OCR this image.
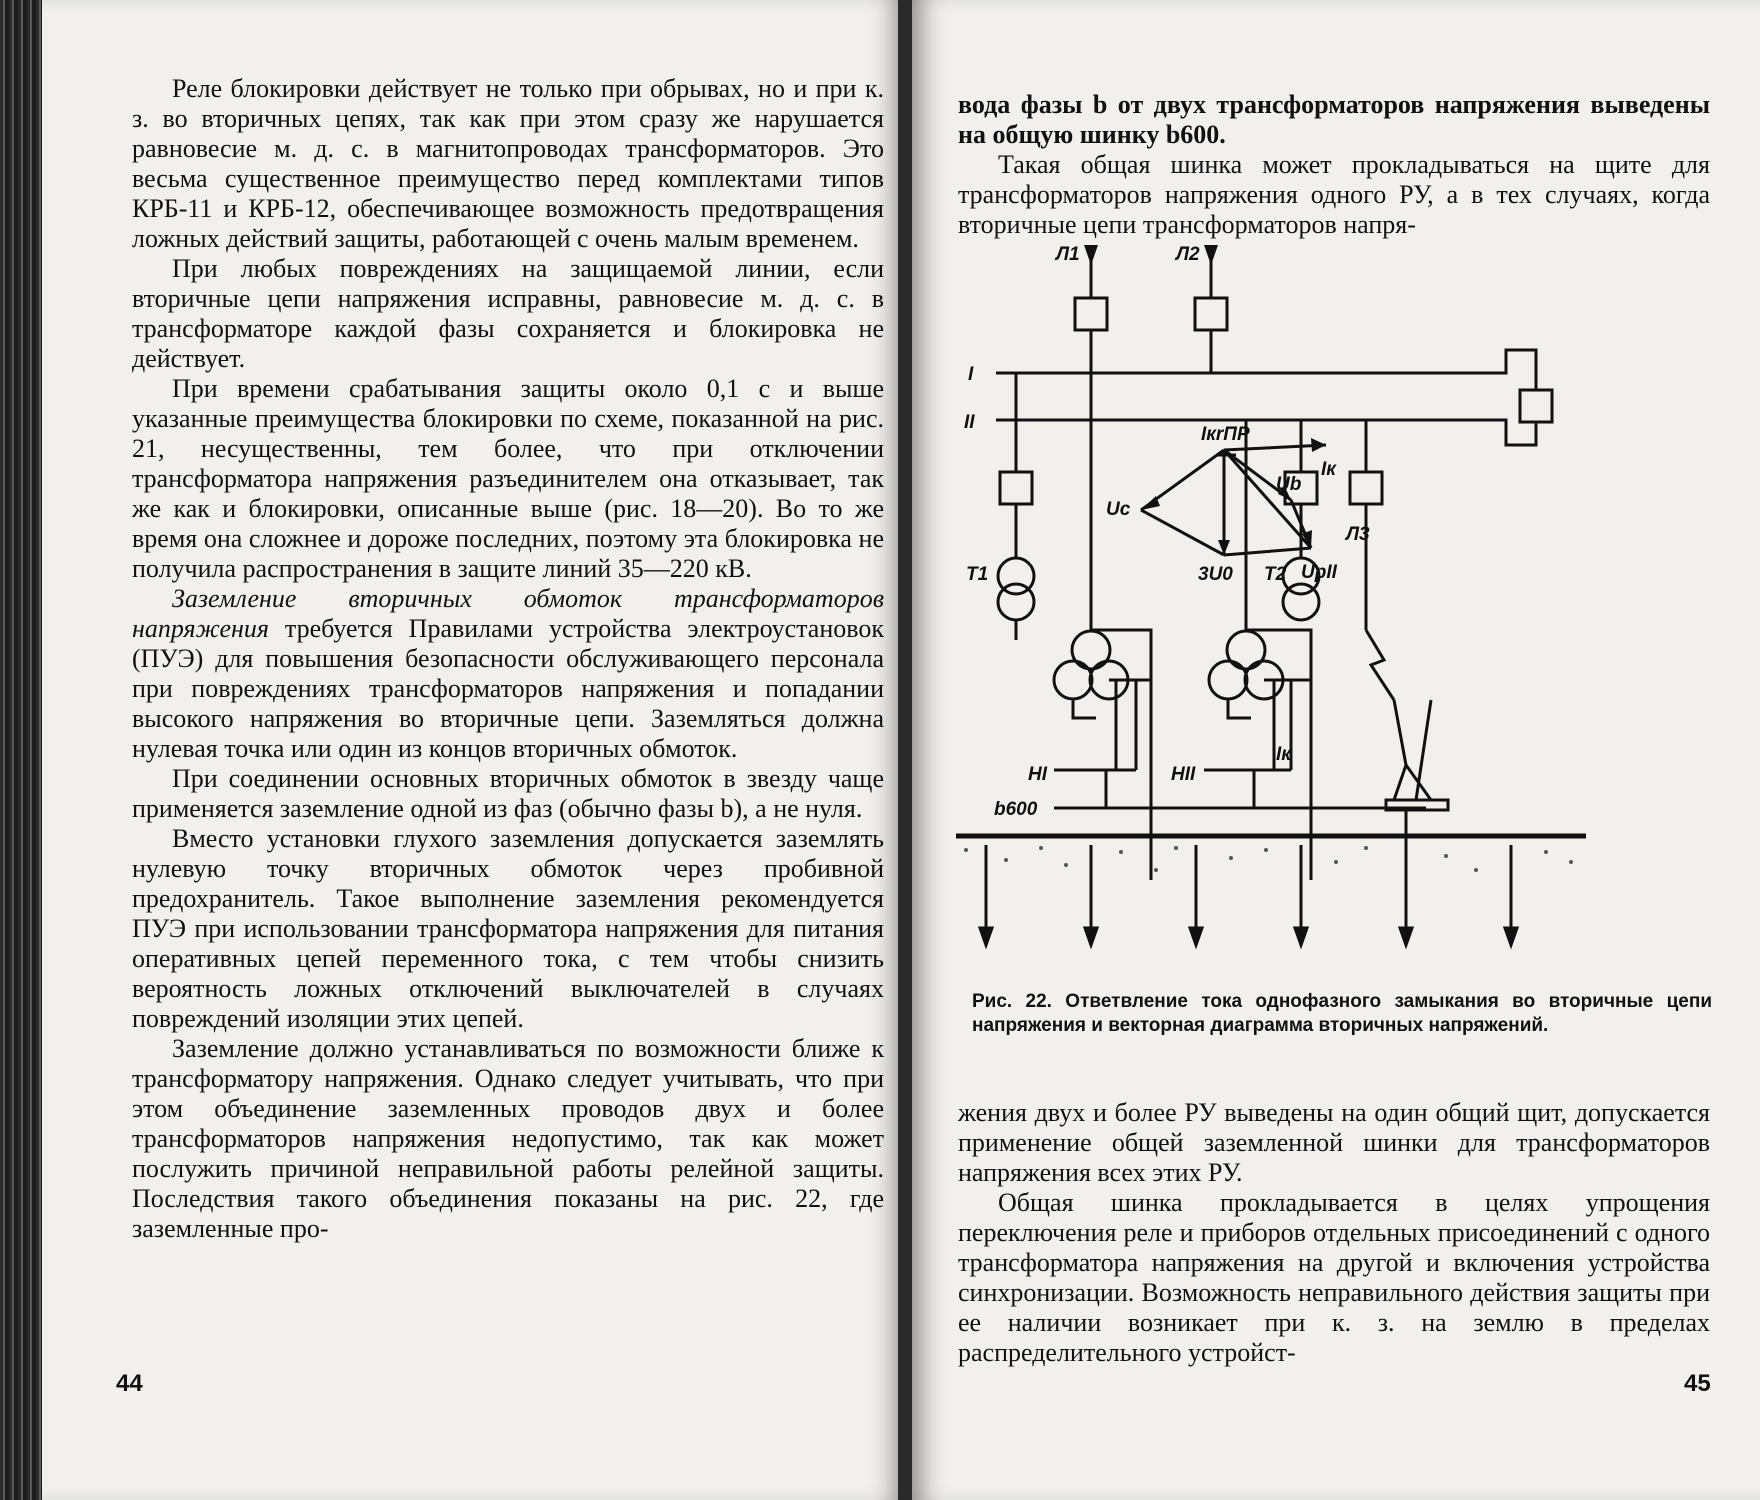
Реле блокировки действует не только при обрывах, но и при к. з. во вторичных цепях, так как при этом сразу же нарушается равновесие м. д. с. в магнитопроводах трансформаторов. Это весьма существенное преимущество перед комплектами типов КРБ-11 и КРБ-12, обеспечивающее возможность предотвращения ложных действий защиты, работающей с очень малым временем.

При любых повреждениях на защищаемой линии, если вторичные цепи напряжения исправны, равновесие м. д. с. в трансформаторе каждой фазы сохраняется и блокировка не действует.

При времени срабатывания защиты около 0,1 с и выше указанные преимущества блокировки по схеме, показанной на рис. 21, несущественны, тем более, что при отключении трансформатора напряжения разъединителем она отказывает, так же как и блокировки, описанные выше (рис. 18—20). Во то же время она сложнее и дороже последних, поэтому эта блокировка не получила распространения в защите линий 35—220 кВ.

Заземление вторичных обмоток трансформаторов напряжения требуется Правилами устройства электроустановок (ПУЭ) для повышения безопасности обслуживающего персонала при повреждениях трансформаторов напряжения и попадании высокого напряжения во вторичные цепи. Заземляться должна нулевая точка или один из концов вторичных обмоток.

При соединении основных вторичных обмоток в звезду чаще применяется заземление одной из фаз (обычно фазы b), а не нуля.

Вместо установки глухого заземления допускается заземлять нулевую точку вторичных обмоток через пробивной предохранитель. Такое выполнение заземления рекомендуется ПУЭ при использовании трансформатора напряжения для питания оперативных цепей переменного тока, с тем чтобы снизить вероятность ложных отключений выключателей в случаях повреждений изоляции этих цепей.

Заземление должно устанавливаться по возможности ближе к трансформатору напряжения. Однако следует учитывать, что при этом объединение заземленных проводов двух и более трансформаторов напряжения недопустимо, так как может послужить причиной неправильной работы релейной защиты. Последствия такого объединения показаны на рис. 22, где заземленные про-

44

вода фазы b от двух трансформаторов напряжения выведены на общую шинку b600.

Такая общая шинка может прокладываться на щите для трансформаторов напряжения одного РУ, а в тех случаях, когда вторичные цепи трансформаторов напря-

Л1	Л2
Л3
I
II
T1	T2
IкrПР
Iк
Ub
Uc
3U0	UpII
Iк
HI	HII
b600
Рис. 22. Ответвление тока однофазного замыкания во вторичные цепи напряжения и векторная диаграмма вторичных напряжений.

жения двух и более РУ выведены на один общий щит, допускается применение общей заземленной шинки для трансформаторов напряжения всех этих РУ.

Общая шинка прокладывается в целях упрощения переключения реле и приборов отдельных присоединений с одного трансформатора напряжения на другой и включения устройства синхронизации. Возможность неправильного действия защиты при ее наличии возникает при к. з. на землю в пределах распределительного устройст-

45
